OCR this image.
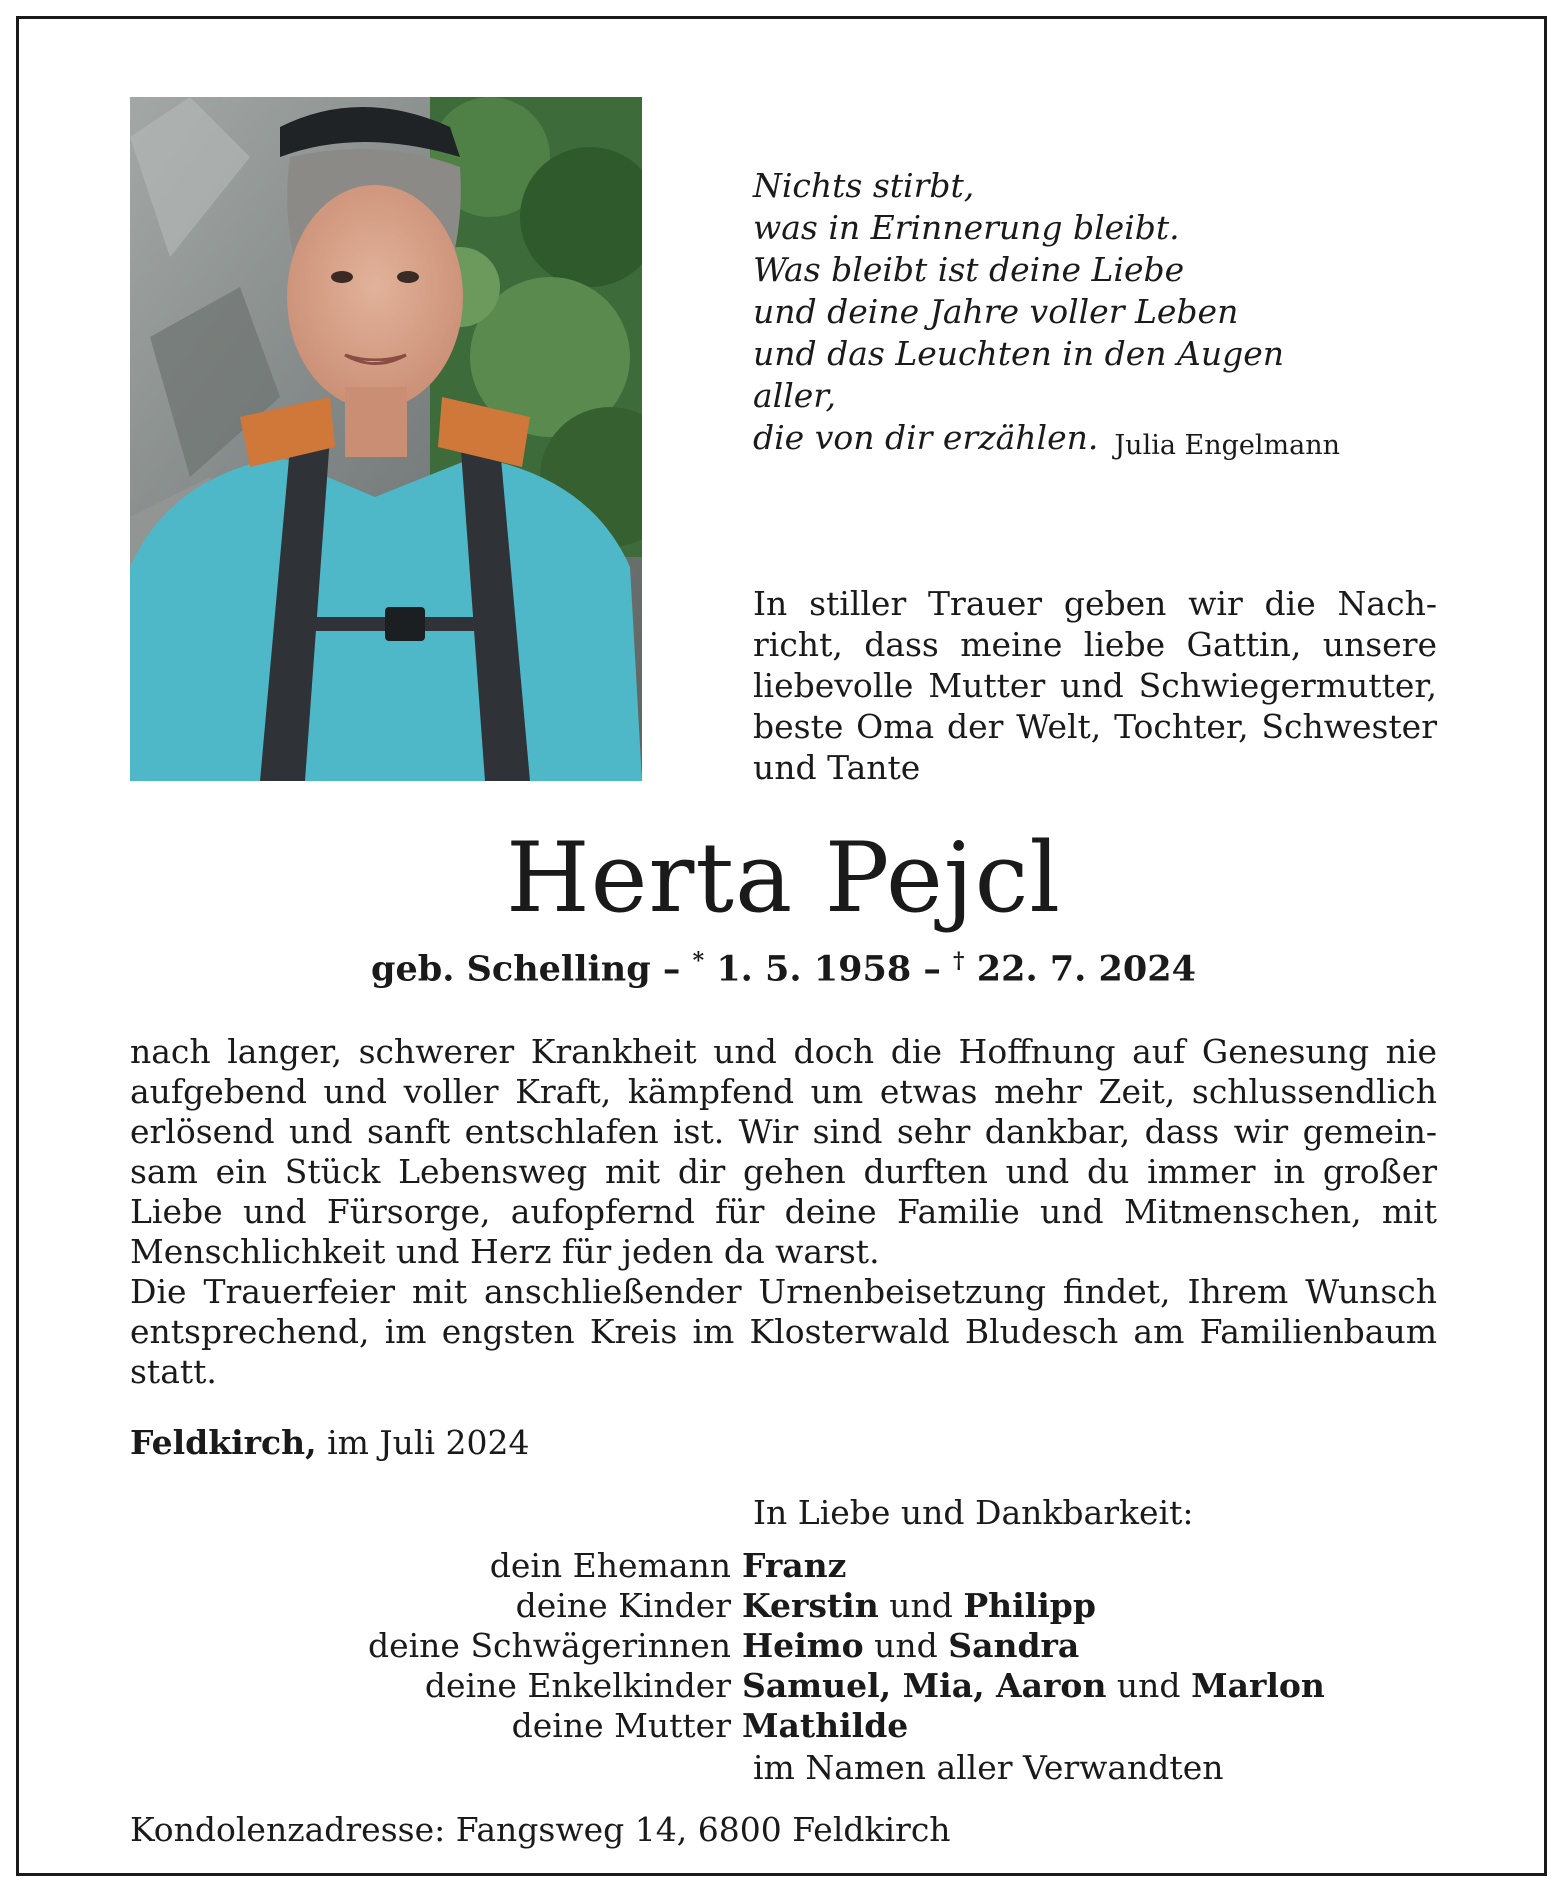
Nichts stirbt,
was in Erinnerung bleibt.
Was bleibt ist deine Liebe
und deine Jahre voller Leben
und das Leuchten in den Augen aller,
die von dir erzählen. Julia Engelmann
In stiller Trauer geben wir die Nach-
richt, dass meine liebe Gattin, unsere
liebevolle Mutter und Schwiegermutter,
beste Oma der Welt, Tochter, Schwester
und Tante
Herta Pejcl
geb. Schelling – * 1. 5. 1958 – † 22. 7. 2024
nach langer, schwerer Krankheit und doch die Hoffnung auf Genesung nie
aufgebend und voller Kraft, kämpfend um etwas mehr Zeit, schlussendlich
erlösend und sanft entschlafen ist. Wir sind sehr dankbar, dass wir gemein-
sam ein Stück Lebensweg mit dir gehen durften und du immer in großer
Liebe und Fürsorge, aufopfernd für deine Familie und Mitmenschen, mit
Menschlichkeit und Herz für jeden da warst.
Die Trauerfeier mit anschließender Urnenbeisetzung findet, Ihrem Wunsch
entsprechend, im engsten Kreis im Klosterwald Bludesch am Familienbaum
statt.
Feldkirch, im Juli 2024
In Liebe und Dankbarkeit:
dein Ehemann Franz
deine Kinder Kerstin und Philipp
deine Schwägerinnen Heimo und Sandra
deine Enkelkinder Samuel, Mia, Aaron und Marlon
deine Mutter Mathilde
im Namen aller Verwandten
Kondolenzadresse: Fangsweg 14, 6800 Feldkirch
